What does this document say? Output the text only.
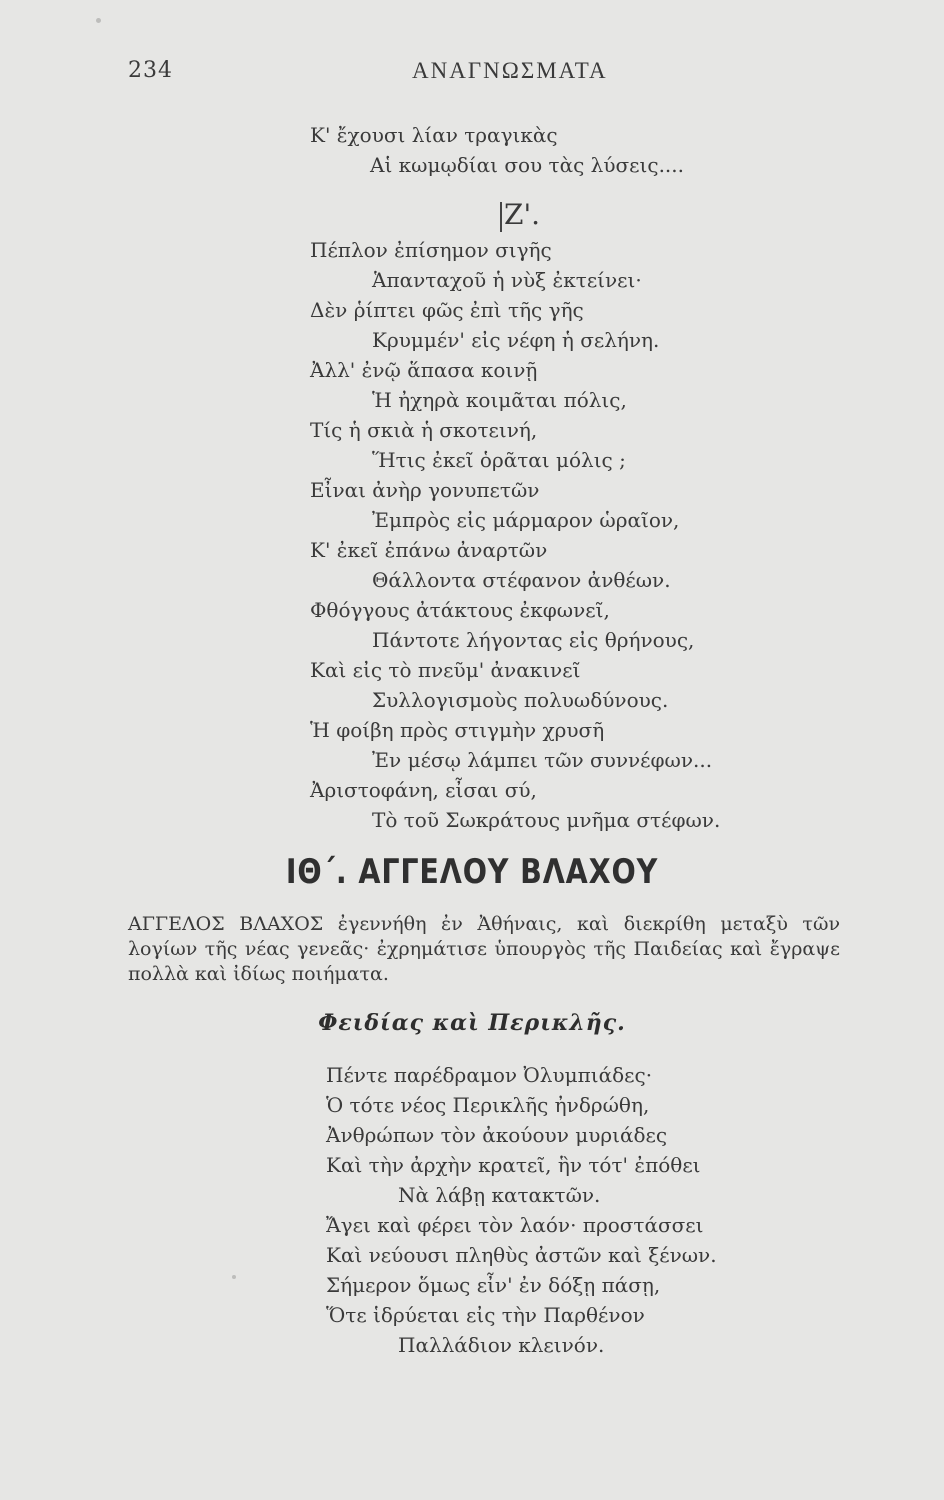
234	ΑΝΑΓΝΩΣΜΑΤΑ
Κ' ἔχουσι λίαν τραγικὰς
Αἱ κωμῳδίαι σου τὰς λύσεις....
Ζ'.
Πέπλον ἐπίσημον σιγῆς
Ἁπανταχοῦ ἡ νὺξ ἐκτείνει·
Δὲν ῥίπτει φῶς ἐπὶ τῆς γῆς
Κρυμμέν' εἰς νέφη ἡ σελήνη.
Ἀλλ' ἐνῷ ἅπασα κοινῇ
Ἡ ἠχηρὰ κοιμᾶται πόλις,
Τίς ἡ σκιὰ ἡ σκοτεινή,
Ἥτις ἐκεῖ ὁρᾶται μόλις ;
Εἶναι ἀνὴρ γονυπετῶν
Ἐμπρὸς εἰς μάρμαρον ὡραῖον,
Κ' ἐκεῖ ἐπάνω ἀναρτῶν
Θάλλοντα στέφανον ἀνθέων.
Φθόγγους ἀτάκτους ἐκφωνεῖ,
Πάντοτε λήγοντας εἰς θρήνους,
Καὶ εἰς τὸ πνεῦμ' ἀνακινεῖ
Συλλογισμοὺς πολυωδύνους.
Ἡ φοίβη πρὸς στιγμὴν χρυσῆ
Ἐν μέσῳ λάμπει τῶν συννέφων...
Ἀριστοφάνη, εἶσαι σύ,
Τὸ τοῦ Σωκράτους μνῆμα στέφων.
ΙΘ΄. ΑΓΓΕΛΟΥ ΒΛΑΧΟΥ
ΑΓΓΕΛΟΣ ΒΛΑΧΟΣ ἐγεννήθη ἐν Ἀθήναις, καὶ διεκρίθη μεταξὺ τῶν
λογίων τῆς νέας γενεᾶς· ἐχρημάτισε ὑπουργὸς τῆς Παιδείας καὶ ἔγραψε
πολλὰ καὶ ἰδίως ποιήματα.
Φειδίας καὶ Περικλῆς.
Πέντε παρέδραμον Ὀλυμπιάδες·
Ὁ τότε νέος Περικλῆς ἠνδρώθη,
Ἀνθρώπων τὸν ἀκούουν μυριάδες
Καὶ τὴν ἀρχὴν κρατεῖ, ἣν τότ' ἐπόθει
Νὰ λάβῃ κατακτῶν.
Ἄγει καὶ φέρει τὸν λαόν· προστάσσει
Καὶ νεύουσι πληθὺς ἀστῶν καὶ ξένων.
Σήμερον ὅμως εἶν' ἐν δόξῃ πάσῃ,
Ὅτε ἱδρύεται εἰς τὴν Παρθένον
Παλλάδιον κλεινόν.
